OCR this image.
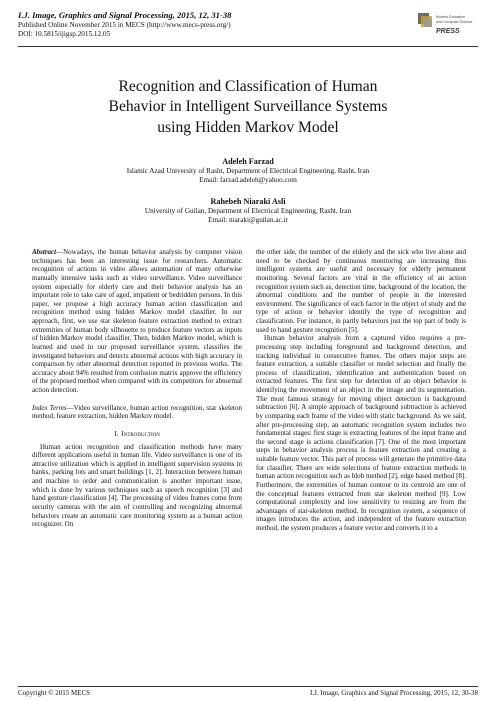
I.J. Image, Graphics and Signal Processing, 2015, 12, 31-38
Published Online November 2015 in MECS (http://www.mecs-press.org/)
DOI: 10.5815/ijigsp.2015.12.05
Modern Education
and Computer Science
PRESS
Recognition and Classification of Human
Behavior in Intelligent Surveillance Systems
using Hidden Markov Model
Adeleh Farzad
Islamic Azad University of Rasht, Department of Electrical Engineering, Rasht, Iran
Email: farzad.adeleh@yahoo.com
Rahebeh Niaraki Asli
University of Guilan, Department of Electrical Engineering, Rasht, Iran
Email: niaraki@guilan.ac.ir

Abstract—Nowadays, the human behavior analysis by computer vision techniques has been an interesting issue for researchers. Automatic recognition of actions in video allows automation of many otherwise manually intensive tasks such as video surveillance. Video surveillance system especially for elderly care and their behavior analysis has an important role to take care of aged, impatient or bedridden persons. In this paper, we propose a high accuracy human action classification and recognition method using hidden Markov model classifier. In our approach, first, we use star skeleton feature extraction method to extract extremities of human body silhouette to produce feature vectors as inputs of hidden Markov model classifier. Then, hidden Markov model, which is learned and used in our proposed surveillance system, classifies the investigated behaviors and detects abnormal actions with high accuracy in comparison by other abnormal detection reported in previous works. The accuracy about 94% resulted from confusion matrix approve the efficiency of the proposed method when compared with its competitors for abnormal action detection.

Index Terms—Video surveillance, human action recognition, star skeleton method, feature extraction, hidden Markov model.

I. Introduction

Human action recognition and classification methods have many different applications useful in human life. Video surveillance is one of its attractive utilization which is applied in intelligent supervision systems in banks, parking lots and smart buildings [1, 2]. Interaction between human and machine to order and communication is another important issue, which is done by various techniques such as speech recognition [3] and hand gesture classification [4]. The processing of video frames come from security cameras with the aim of controlling and recognizing abnormal behaviors create an automatic care monitoring system as a human action recognizer. On

the other side, the number of the elderly and the sick who live alone and need to be checked by continuous monitoring are increasing thus intelligent systems are useful and necessary for elderly permanent monitoring. Several factors are vital in the efficiency of an action recognition system such as, detection time, background of the location, the abnormal conditions and the number of people in the interested environment. The significance of each factor in the object of study and the type of action or behavior identify the type of recognition and classification. For instance, in partly behaviors just the top part of body is used to hand gesture recognition [5].

Human behavior analysis from a captured video requires a pre-processing step including foreground and background detection, and tracking individual in consecutive frames. The others major steps are feature extraction, a suitable classifier or model selection and finally the process of classification, identification and authentication based on extracted features. The first step for detection of an object behavior is identifying the movement of an object in the image and its segmentation. The most famous strategy for moving object detection is background subtraction [6]. A simple approach of background subtraction is achieved by comparing each frame of the video with static background. As we said, after pre-processing step, an automatic recognition system includes two fundamental stages: first stage is extracting features of the input frame and the second stage is actions classification [7]. One of the most important steps in behavior analysis process is feature extraction and creating a suitable feature vector. This part of process will generate the primitive data for classifier. There are wide selections of feature extraction methods in human action recognition such as blob method [2], edge based method [8]. Furthermore, the extremities of human contour to its centroid are one of the conceptual features extracted from star skeleton method [9]. Low computational complexity and low sensitivity to resizing are from the advantages of star-skeleton method. In recognition system, a sequence of images introduces the action, and independent of the feature extraction method, the system produces a feature vector and converts it to a

Copyright © 2015 MECS	I.J. Image, Graphics and Signal Processing, 2015, 12, 30-38
